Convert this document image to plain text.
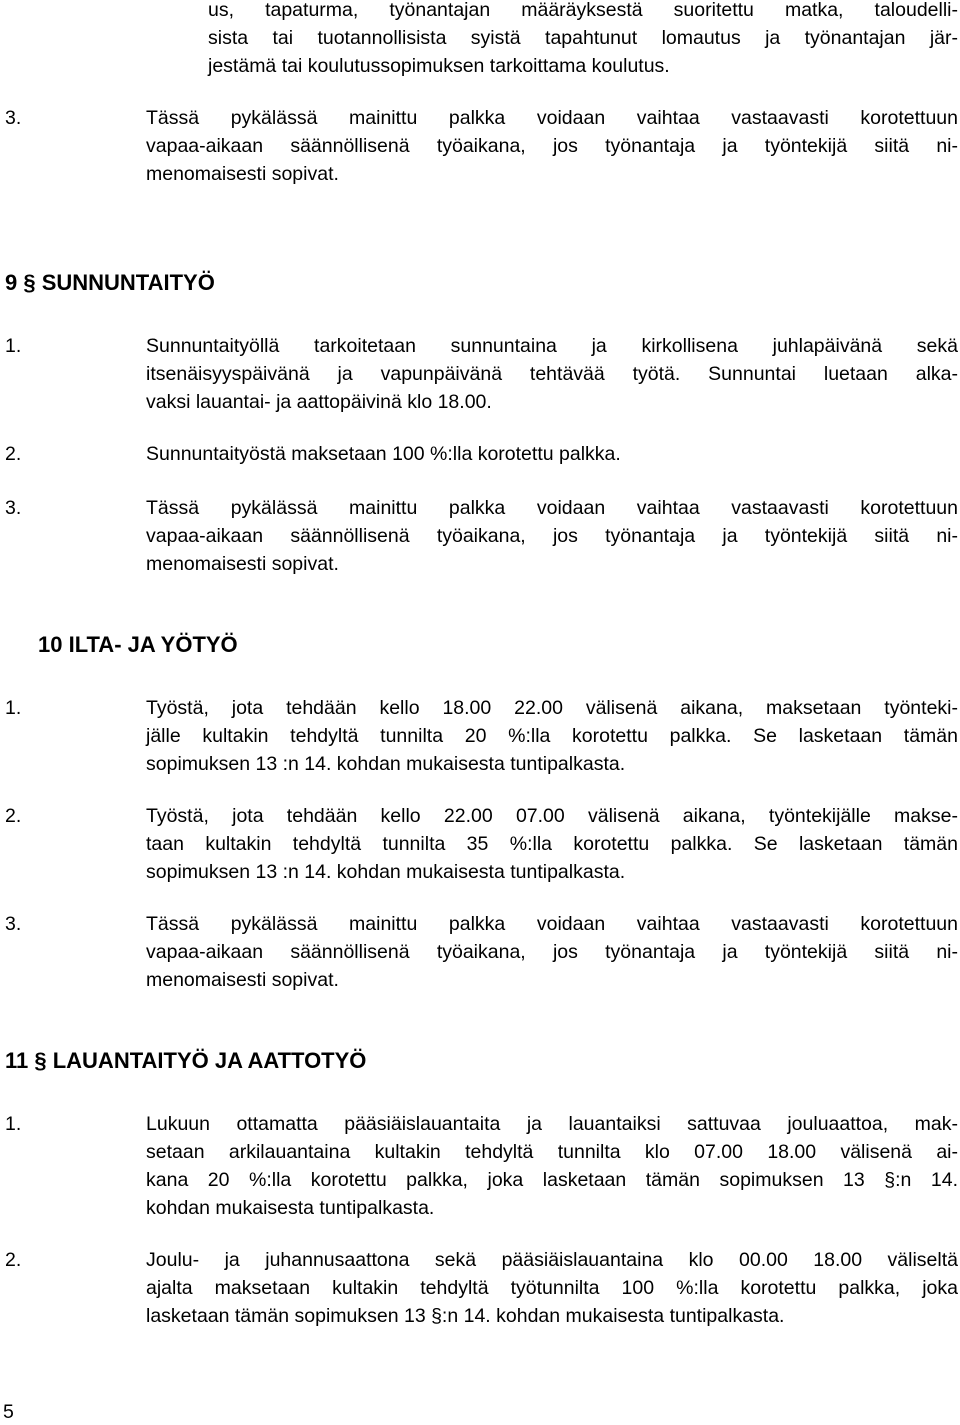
us, tapaturma, työnantajan määräyksestä suoritettu matka, taloudelli-
sista tai tuotannollisista syistä tapahtunut lomautus ja työnantajan jär-
jestämä tai koulutussopimuksen tarkoittama koulutus.
3.	Tässä pykälässä mainittu palkka voidaan vaihtaa vastaavasti korotettuun
vapaa-aikaan säännöllisenä työaikana, jos työnantaja ja työntekijä siitä ni-
menomaisesti sopivat.
9 § SUNNUNTAITYÖ
1.	Sunnuntaityöllä tarkoitetaan sunnuntaina ja kirkollisena juhlapäivänä sekä
itsenäisyyspäivänä ja vapunpäivänä tehtävää työtä. Sunnuntai luetaan alka-
vaksi lauantai- ja aattopäivinä klo 18.00.
2.	Sunnuntaityöstä maksetaan 100 %:lla korotettu palkka.
3.	Tässä pykälässä mainittu palkka voidaan vaihtaa vastaavasti korotettuun
vapaa-aikaan säännöllisenä työaikana, jos työnantaja ja työntekijä siitä ni-
menomaisesti sopivat.
10 ILTA- JA YÖTYÖ
1.	Työstä, jota tehdään kello 18.00 22.00 välisenä aikana, maksetaan työnteki-
jälle kultakin tehdyltä tunnilta 20 %:lla korotettu palkka. Se lasketaan tämän
sopimuksen 13 :n 14. kohdan mukaisesta tuntipalkasta.
2.	Työstä, jota tehdään kello 22.00 07.00 välisenä aikana, työntekijälle makse-
taan kultakin tehdyltä tunnilta 35 %:lla korotettu palkka. Se lasketaan tämän
sopimuksen 13 :n 14. kohdan mukaisesta tuntipalkasta.
3.	Tässä pykälässä mainittu palkka voidaan vaihtaa vastaavasti korotettuun
vapaa-aikaan säännöllisenä työaikana, jos työnantaja ja työntekijä siitä ni-
menomaisesti sopivat.
11 § LAUANTAITYÖ JA AATTOTYÖ
1.	Lukuun ottamatta pääsiäislauantaita ja lauantaiksi sattuvaa jouluaattoa, mak-
setaan arkilauantaina kultakin tehdyltä tunnilta klo 07.00 18.00 välisenä ai-
kana 20 %:lla korotettu palkka, joka lasketaan tämän sopimuksen 13 §:n 14.
kohdan mukaisesta tuntipalkasta.
2.	Joulu- ja juhannusaattona sekä pääsiäislauantaina klo 00.00 18.00 väliseltä
ajalta maksetaan kultakin tehdyltä työtunnilta 100 %:lla korotettu palkka, joka
lasketaan tämän sopimuksen 13 §:n 14. kohdan mukaisesta tuntipalkasta.
5
